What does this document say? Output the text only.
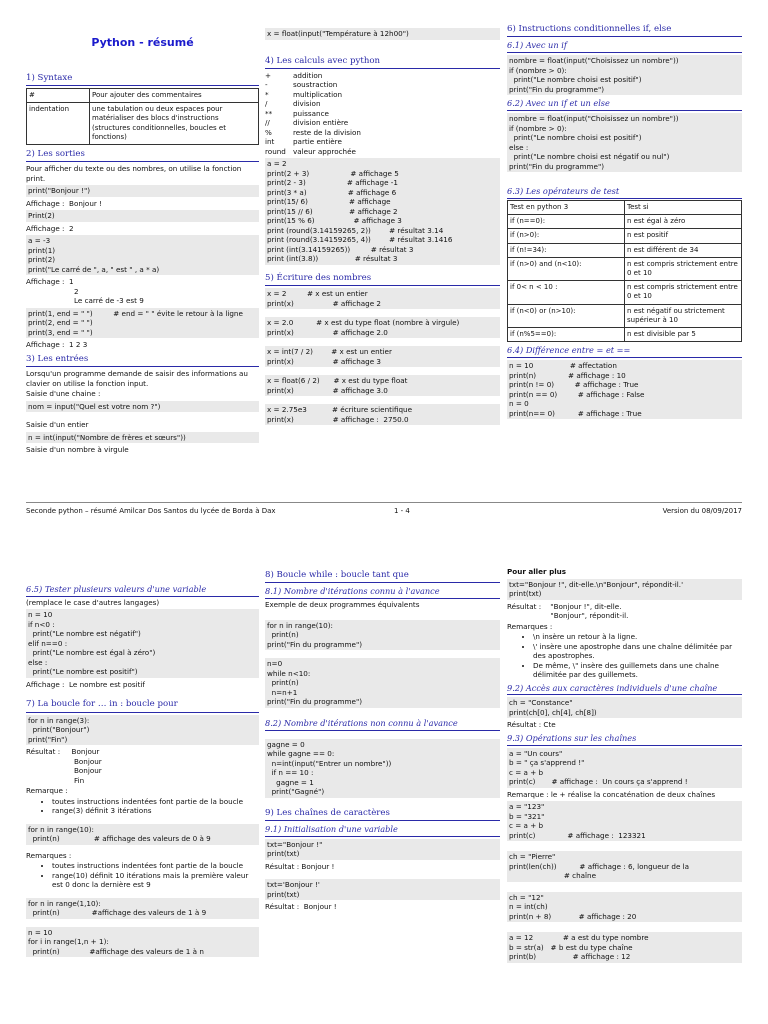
Python - résumé
1) Syntaxe
#	Pour ajouter des commentaires
indentation	une tabulation ou deux espaces pour matérialiser des blocs d'instructions (structures conditionnelles, boucles et fonctions)
2) Les sorties
Pour afficher du texte ou des nombres, on utilise la fonction print.
print("Bonjour !")
Affichage :  Bonjour !
Print(2)
Affichage :  2
a = -3
print(1)
print(2)
print("Le carré de ", a, " est " , a * a)
Affichage :  1
2
Le carré de -3 est 9
print(1, end = " ")         # end = " " évite le retour à la ligne
print(2, end = " ")
print(3, end = " ")
Affichage :  1 2 3
3) Les entrées
Lorsqu'un programme demande de saisir des informations au clavier on utilise la fonction input.
Saisie d'une chaine :
nom = input("Quel est votre nom ?")
Saisie d'un entier
n = int(input("Nombre de frères et sœurs"))
Saisie d'un nombre à virgule
x = float(input("Température à 12h00")
4) Les calculs avec python
+	addition
-	soustraction
*	multiplication
/	division
**	puissance
//	division entière
%	reste de la division
int	partie entière
round valeur approchée
a = 2
print(2 + 3)                  # affichage 5
print(2 - 3)                  # affichage -1
print(3 * a)                  # affichage 6
print(15/ 6)                  # affichage
print(15 // 6)                # affichage 2
print(15 % 6)                 # affichage 3
print (round(3.14159265, 2))        # résultat 3.14
print (round(3.14159265, 4))        # résultat 3.1416
print (int(3.14159265))         # résultat 3
print (int(3.8))                # résultat 3
5) Écriture des nombres
x = 2         # x est un entier
print(x)                 # affichage 2
x = 2.0          # x est du type float (nombre à virgule)
print(x)                 # affichage 2.0
x = int(7 / 2)        # x est un entier
print(x)                 # affichage 3
x = float(6 / 2)      # x est du type float
print(x)                 # affichage 3.0
x = 2.75e3           # écriture scientifique
print(x)                 # affichage :  2750.0
6) Instructions conditionnelles if, else
6.1) Avec un if
nombre = float(input("Choisissez un nombre"))
if (nombre > 0):
print("Le nombre choisi est positif")
print("Fin du programme")
6.2) Avec un if et un else
nombre = float(input("Choisissez un nombre"))
if (nombre > 0):
print("Le nombre choisi est positif")
else :
print("Le nombre choisi est négatif ou nul")
print("Fin du programme")
6.3) Les opérateurs de test
Test en python 3	Test si
if (n==0):	n est égal à zéro
if (n>0):	n est positif
if (n!=34):	n est différent de 34
if (n>0) and (n<10):	n est compris strictement entre 0 et 10
if 0< n < 10 :	n est compris strictement entre 0 et 10
if (n<0) or (n>10):	n est négatif ou strictement supérieur à 10
if (n%5==0):	n est divisible par 5
6.4) Différence entre = et ==
n = 10                # affectation
print(n)              # affichage : 10
print(n != 0)         # affichage : True
print(n == 0)         # affichage : False
n = 0
print(n== 0)          # affichage : True
Seconde python – résumé Amilcar Dos Santos du lycée de Borda à Dax	1 - 4	Version du 08/09/2017
6.5) Tester plusieurs valeurs d'une variable
(remplace le case d'autres langages)
n = 10
if n<0 :
print("Le nombre est négatif")
elif n==0 :
print("Le nombre est égal à zéro")
else :
print("Le nombre est positif")
Affichage :  Le nombre est positif
7) La boucle for … in : boucle pour
for n in range(3):
print("Bonjour")
print("Fin")
Résultat :     Bonjour
Bonjour
Bonjour
Fin
Remarque :
• toutes instructions indentées font partie de la boucle
• range(3) définit 3 itérations
for n in range(10):
print(n)               # affichage des valeurs de 0 à 9
Remarques :
• toutes instructions indentées font partie de la boucle
• range(10) définit 10 itérations mais la première valeur est 0 donc la dernière est 9
for n in range(1,10):
print(n)              #affichage des valeurs de 1 à 9
n = 10
for i in range(1,n + 1):
print(n)             #affichage des valeurs de 1 à n
8) Boucle while : boucle tant que
8.1) Nombre d'itérations connu à l'avance
Exemple de deux programmes équivalents
for n in range(10):
print(n)
print("Fin du programme")
n=0
while n<10:
print(n)
n=n+1
print("Fin du programme")
8.2) Nombre d'itérations non connu à l'avance
gagne = 0
while gagne == 0:
n=int(input("Entrer un nombre"))
if n == 10 :
gagne = 1
print("Gagné")
9) Les chaînes de caractères
9.1) Initialisation d'une variable
txt="Bonjour !"
print(txt)
Résultat : Bonjour !
txt='Bonjour !'
print(txt)
Résultat :  Bonjour !
Pour aller plus
txt="Bonjour !", dit-elle.\n"Bonjour", répondit-il.'
print(txt)
Résultat :    "Bonjour !", dit-elle.
"Bonjour", répondit-il.
Remarques :
• \n insère un retour à la ligne.
• \' insère une apostrophe dans une chaîne délimitée par des apostrophes.
• De même, \" insère des guillemets dans une chaîne délimitée par des guillemets.
9.2) Accès aux caractères individuels d'une chaîne
ch = "Constance"
print(ch[0], ch[4], ch[8])
Résultat : Cte
9.3) Opérations sur les chaînes
a = "Un cours"
b = " ça s'apprend !"
c = a + b
print(c)       # affichage :  Un cours ça s'apprend !
Remarque : le + réalise la concaténation de deux chaînes
a = "123"
b = "321"
c = a + b
print(c)              # affichage :  123321
ch = "Pierre"
print(len(ch))          # affichage : 6, longueur de la
# chaîne
ch = "12"
n = int(ch)
print(n + 8)            # affichage : 20
a = 12             # a est du type nombre
b = str(a)   # b est du type chaîne
print(b)                # affichage : 12
